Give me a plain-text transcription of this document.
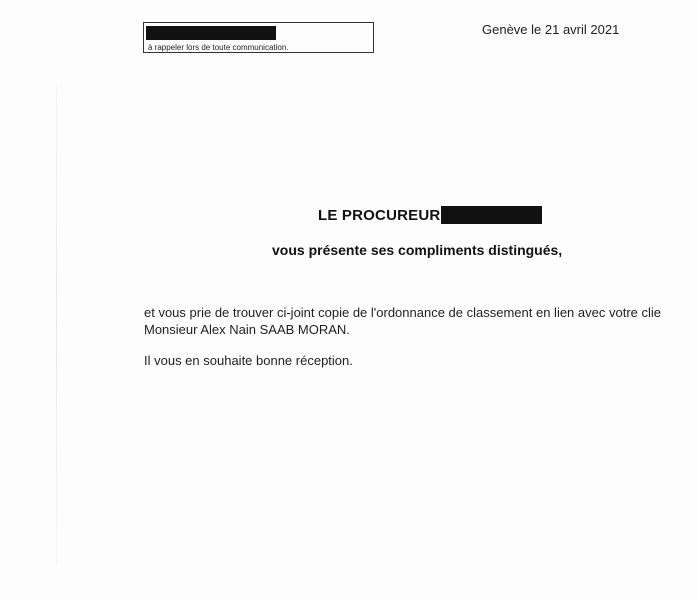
à rappeler lors de toute communication.
Genève le 21 avril 2021
LE PROCUREUR
vous présente ses compliments distingués,
et vous prie de trouver ci-joint copie de l'ordonnance de classement en lien avec votre clie
Monsieur Alex Nain SAAB MORAN.
Il vous en souhaite bonne réception.
